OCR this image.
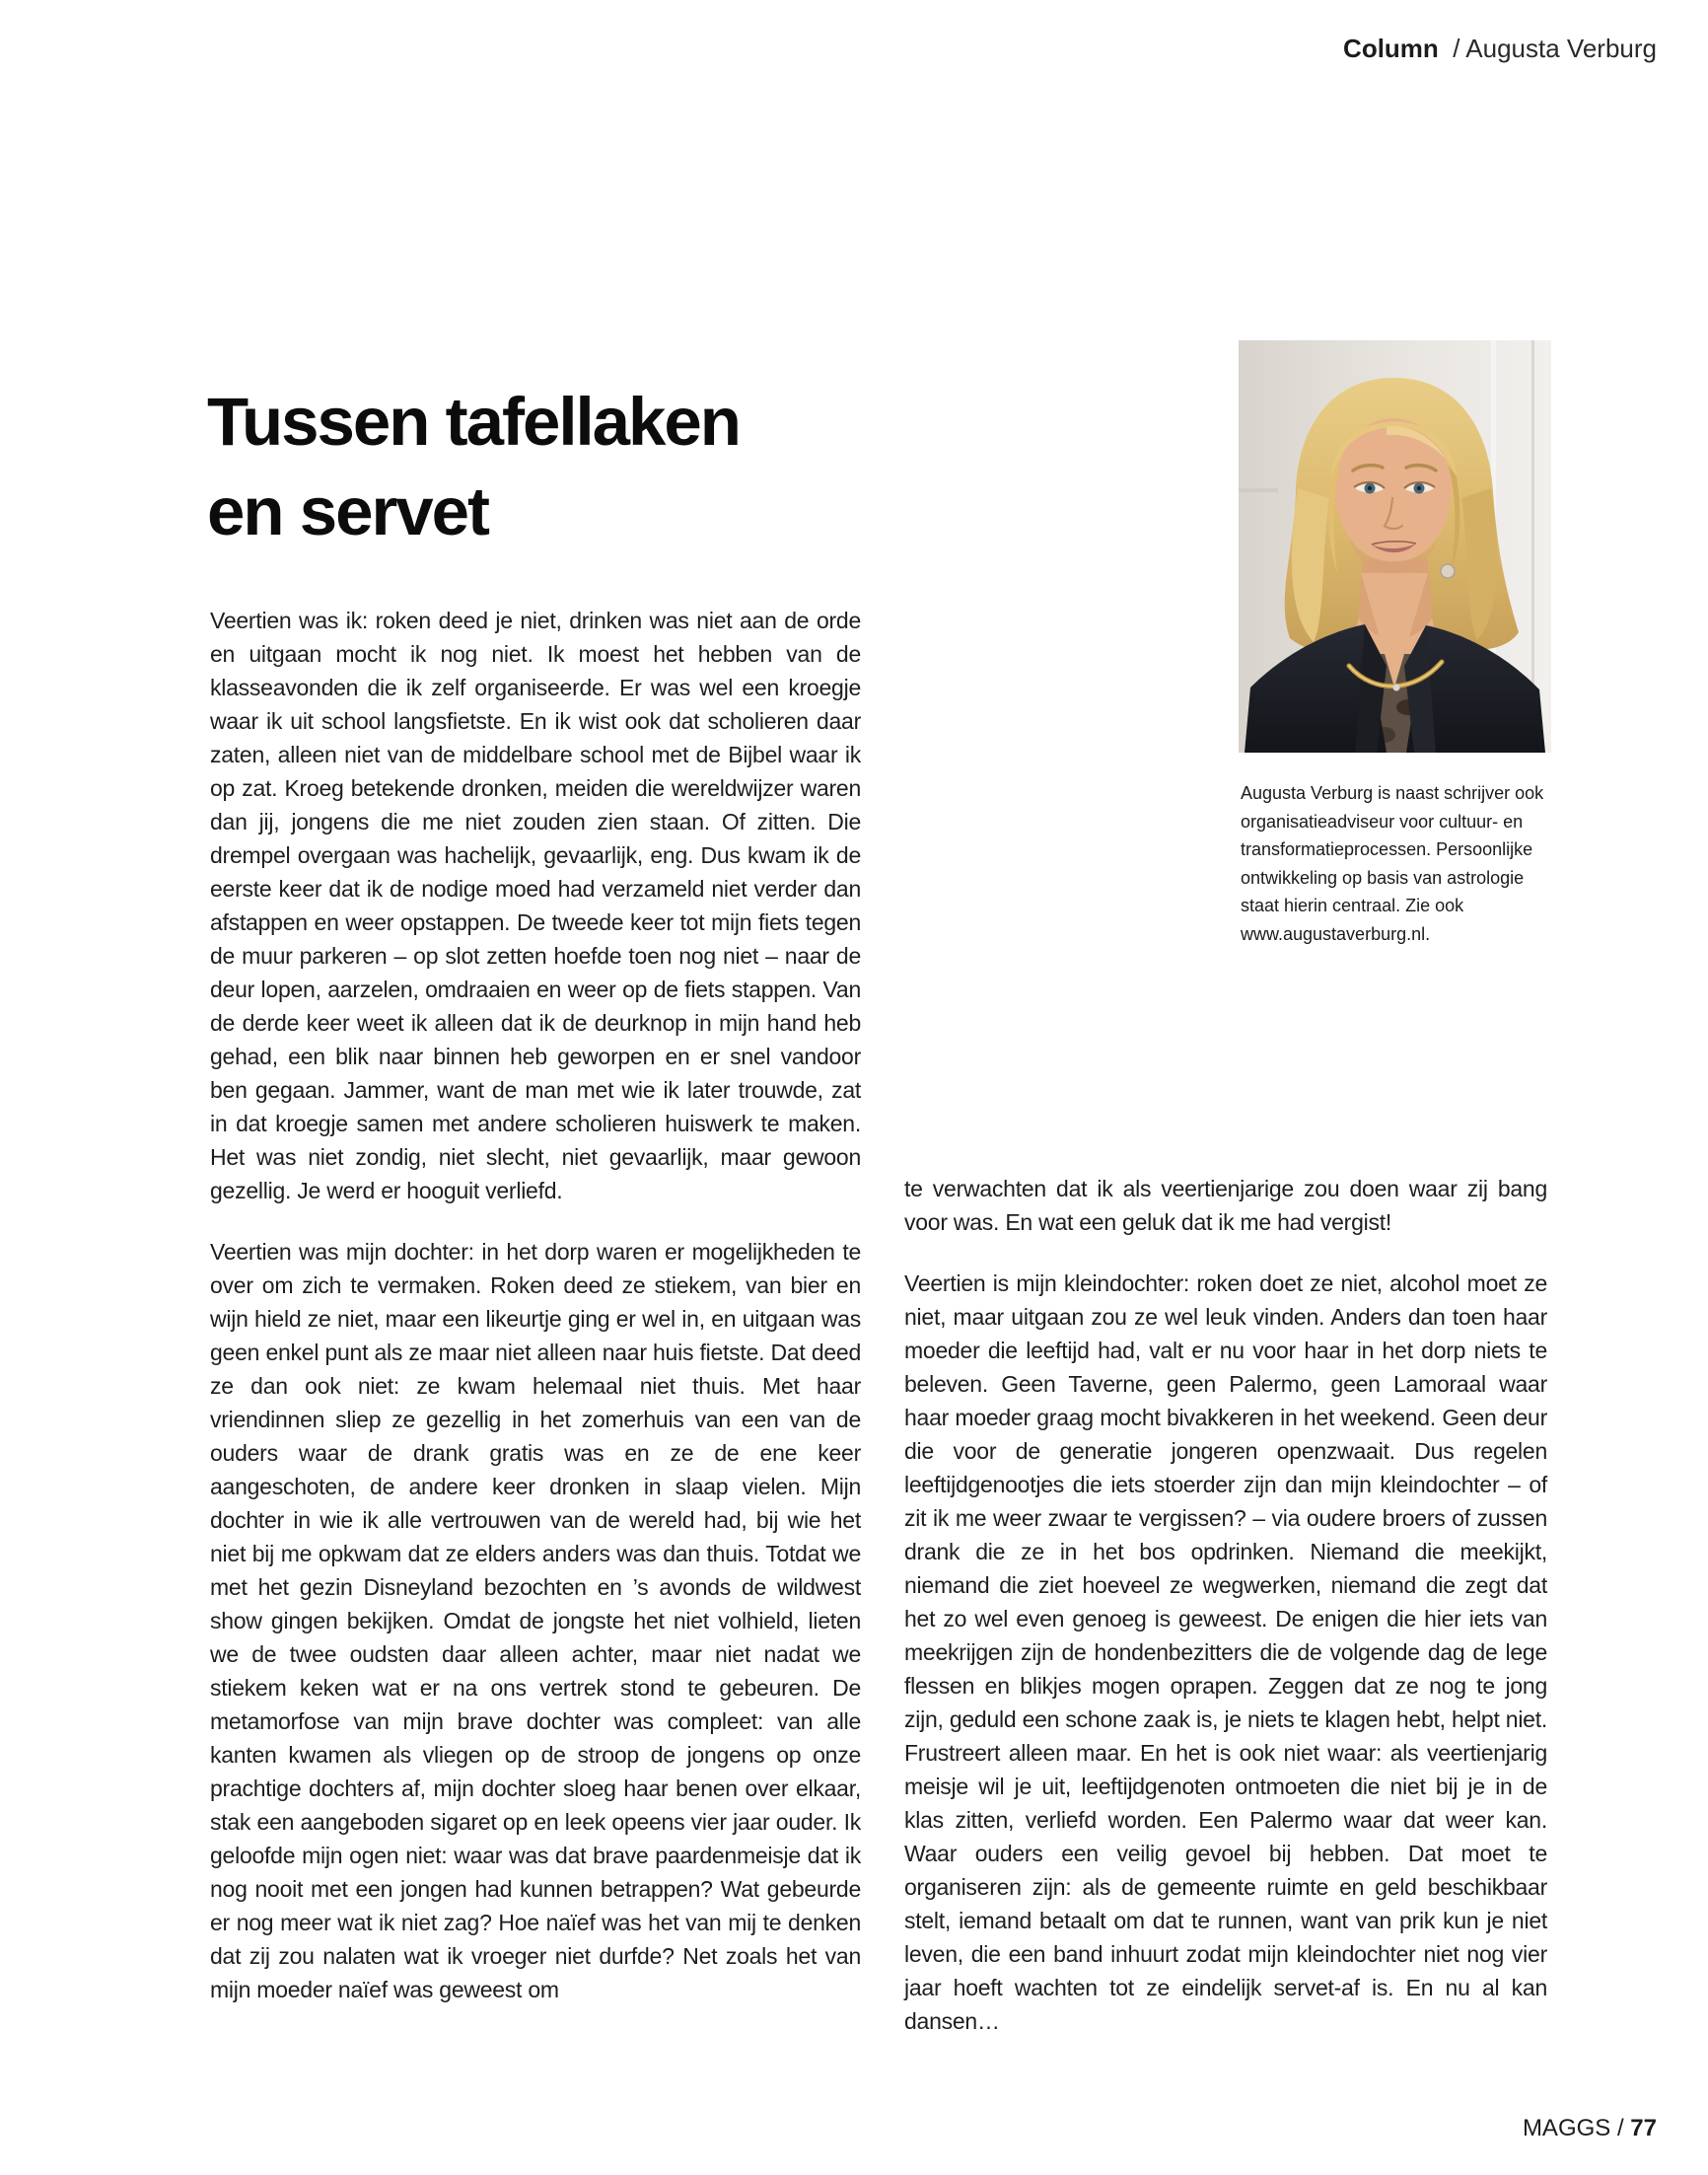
Column / Augusta Verburg
Tussen tafellaken
en servet
Augusta Verburg is naast schrijver ook organisatieadviseur voor cultuur- en transformatieprocessen. Persoonlijke ontwikkeling op basis van astrologie staat hierin centraal. Zie ook www.augustaverburg.nl.

Veertien was ik: roken deed je niet, drinken was niet aan de orde en uitgaan mocht ik nog niet. Ik moest het hebben van de klasseavonden die ik zelf organiseerde. Er was wel een kroegje waar ik uit school langsfietste. En ik wist ook dat scholieren daar zaten, alleen niet van de middelbare school met de Bijbel waar ik op zat. Kroeg betekende dronken, meiden die wereldwijzer waren dan jij, jongens die me niet zouden zien staan. Of zitten. Die drempel overgaan was hachelijk, gevaarlijk, eng. Dus kwam ik de eerste keer dat ik de nodige moed had verzameld niet verder dan afstappen en weer opstappen. De tweede keer tot mijn fiets tegen de muur parkeren – op slot zetten hoefde toen nog niet – naar de deur lopen, aarzelen, omdraaien en weer op de fiets stappen. Van de derde keer weet ik alleen dat ik de deurknop in mijn hand heb gehad, een blik naar binnen heb geworpen en er snel vandoor ben gegaan. Jammer, want de man met wie ik later trouwde, zat in dat kroegje samen met andere scholieren huiswerk te maken. Het was niet zondig, niet slecht, niet gevaarlijk, maar gewoon gezellig. Je werd er hooguit verliefd.

Veertien was mijn dochter: in het dorp waren er mogelijkheden te over om zich te vermaken. Roken deed ze stiekem, van bier en wijn hield ze niet, maar een likeurtje ging er wel in, en uitgaan was geen enkel punt als ze maar niet alleen naar huis fietste. Dat deed ze dan ook niet: ze kwam helemaal niet thuis. Met haar vriendinnen sliep ze gezellig in het zomerhuis van een van de ouders waar de drank gratis was en ze de ene keer aangeschoten, de andere keer dronken in slaap vielen. Mijn dochter in wie ik alle vertrouwen van de wereld had, bij wie het niet bij me opkwam dat ze elders anders was dan thuis. Totdat we met het gezin Disneyland bezochten en ’s avonds de wildwest show gingen bekijken. Omdat de jongste het niet volhield, lieten we de twee oudsten daar alleen achter, maar niet nadat we stiekem keken wat er na ons vertrek stond te gebeuren. De metamorfose van mijn brave dochter was compleet: van alle kanten kwamen als vliegen op de stroop de jongens op onze prachtige dochters af, mijn dochter sloeg haar benen over elkaar, stak een aangeboden sigaret op en leek opeens vier jaar ouder. Ik geloofde mijn ogen niet: waar was dat brave paardenmeisje dat ik nog nooit met een jongen had kunnen betrappen? Wat gebeurde er nog meer wat ik niet zag? Hoe naïef was het van mij te denken dat zij zou nalaten wat ik vroeger niet durfde? Net zoals het van mijn moeder naïef was geweest om

te verwachten dat ik als veertienjarige zou doen waar zij bang voor was. En wat een geluk dat ik me had vergist!

Veertien is mijn kleindochter: roken doet ze niet, alcohol moet ze niet, maar uitgaan zou ze wel leuk vinden. Anders dan toen haar moeder die leeftijd had, valt er nu voor haar in het dorp niets te beleven. Geen Taverne, geen Palermo, geen Lamoraal waar haar moeder graag mocht bivakkeren in het weekend. Geen deur die voor de generatie jongeren openzwaait. Dus regelen leeftijdgenootjes die iets stoerder zijn dan mijn kleindochter – of zit ik me weer zwaar te vergissen? – via oudere broers of zussen drank die ze in het bos opdrinken. Niemand die meekijkt, niemand die ziet hoeveel ze wegwerken, niemand die zegt dat het zo wel even genoeg is geweest. De enigen die hier iets van meekrijgen zijn de hondenbezitters die de volgende dag de lege flessen en blikjes mogen oprapen. Zeggen dat ze nog te jong zijn, geduld een schone zaak is, je niets te klagen hebt, helpt niet. Frustreert alleen maar. En het is ook niet waar: als veertienjarig meisje wil je uit, leeftijdgenoten ontmoeten die niet bij je in de klas zitten, verliefd worden. Een Palermo waar dat weer kan. Waar ouders een veilig gevoel bij hebben. Dat moet te organiseren zijn: als de gemeente ruimte en geld beschikbaar stelt, iemand betaalt om dat te runnen, want van prik kun je niet leven, die een band inhuurt zodat mijn kleindochter niet nog vier jaar hoeft wachten tot ze eindelijk servet-af is. En nu al kan dansen…

MAGGS / 77
